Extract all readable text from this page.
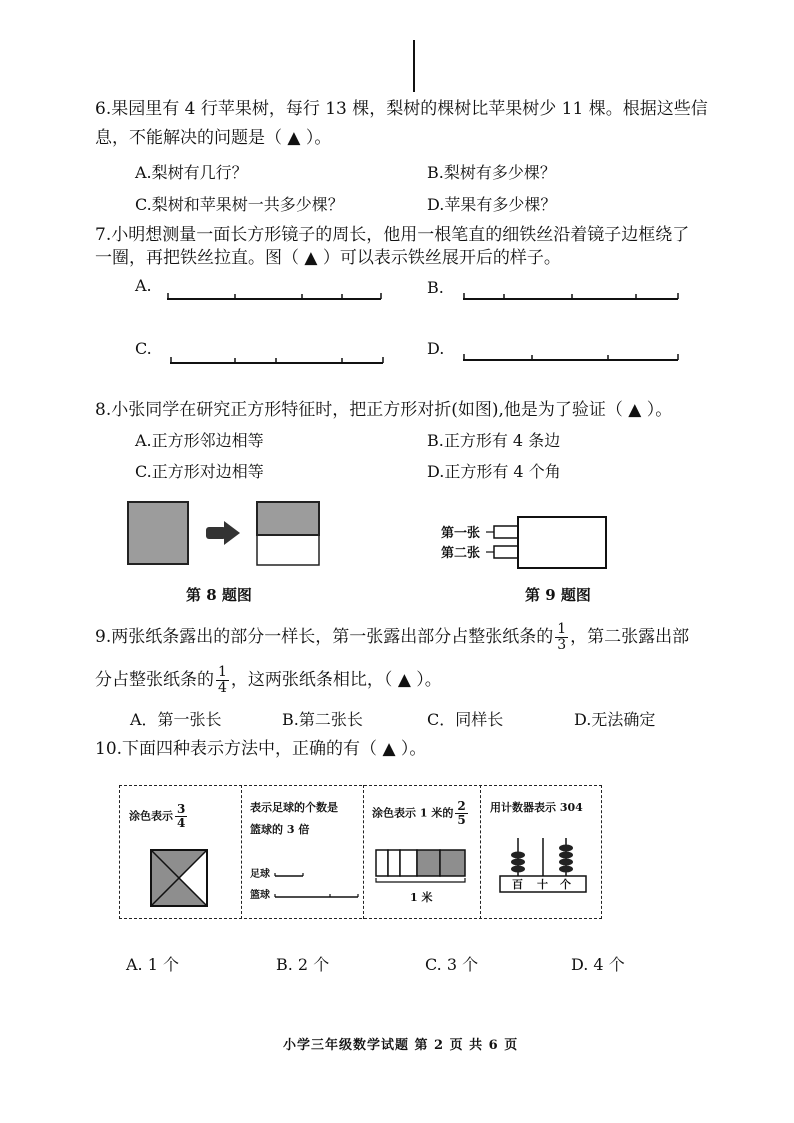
6.果园里有 4 行苹果树，每行 13 棵，梨树的棵树比苹果树少 11 棵。根据这些信
息，不能解决的问题是（ ▲ ）。
A.梨树有几行？	B.梨树有多少棵？
C.梨树和苹果树一共多少棵？	D.苹果有多少棵？
7.小明想测量一面长方形镜子的周长，他用一根笔直的细铁丝沿着镜子边框绕了
一圈，再把铁丝拉直。图（ ▲ ）可以表示铁丝展开后的样子。
A.	B.
C.	D.
8.小张同学在研究正方形特征时，把正方形对折(如图),他是为了验证（ ▲ ）。
A.正方形邻边相等	B.正方形有 4 条边
C.正方形对边相等	D.正方形有 4 个角
第 8 题图
第一张
第二张
第 9 题图
9.两张纸条露出的部分一样长，第一张露出部分占整张纸条的 $\frac{1}{3}$ ，第二张露出部
分占整张纸条的 $\frac{1}{4}$ ，这两张纸条相比，（ ▲ ）。
A．第一张长	B.第二张长	C．同样长	D.无法确定
10.下面四种表示方法中，正确的有（ ▲ ）。
涂色表示 $\frac{3}{4}$	表示足球的个数是
篮球的 3 倍
足球
篮球
涂色表示 1 米的 $\frac{2}{5}$
1 米
用计数器表示 304
百 十 个
A. 1 个	B. 2 个	C. 3 个	D. 4 个
小学三年级数学试题 第 2 页 共 6 页
